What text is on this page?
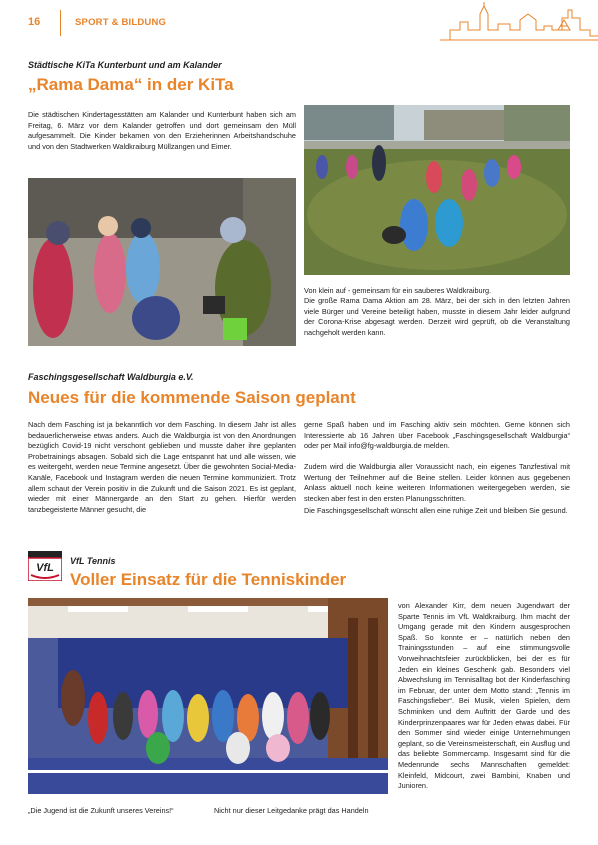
16	SPORT & BILDUNG
Städtische KiTa Kunterbunt und am Kalander
„Rama Dama“ in der KiTa
Die städtischen Kindertagesstätten am Kalander und Kunterbunt haben sich am Freitag, 6. März vor dem Kalander getroffen und dort gemeinsam den Müll aufgesammelt. Die Kinder bekamen von den Erzieherinnen Arbeitshandschuhe und von den Stadtwerken Waldkraiburg Müllzangen und Eimer.
Von klein auf - gemeinsam für ein sauberes Waldkraiburg.
Die große Rama Dama Aktion am 28. März, bei der sich in den letzten Jahren viele Bürger und Vereine beteiligt haben, musste in diesem Jahr leider aufgrund der Corona-Krise abgesagt werden. Derzeit wird geprüft, ob die Veranstaltung nachgeholt werden kann.
Faschingsgesellschaft Waldburgia e.V.
Neues für die kommende Saison geplant
Nach dem Fasching ist ja bekanntlich vor dem Fasching. In diesem Jahr ist alles bedauerlicherweise etwas anders. Auch die Waldburgia ist von den Anordnungen bezüglich Covid-19 nicht verschont geblieben und musste daher ihre geplanten Probetrainings absagen. Sobald sich die Lage entspannt hat und alle wissen, wie es weitergeht, werden neue Termine angesetzt. Über die gewohnten Social-Media-Kanäle, Facebook und Instagram werden die neuen Termine kommuniziert. Trotz allem schaut der Verein positiv in die Zukunft und die Saison 2021. Es ist geplant, wieder mit einer Männergarde an den Start zu gehen. Hierfür werden tanzbegeisterte Männer gesucht, die
gerne Spaß haben und im Fasching aktiv sein möchten. Gerne können sich Interessierte ab 16 Jahren über Facebook „Faschingsgesellschaft Waldburgia“ oder per Mail info@fg-waldburgia.de melden.
Zudem wird die Waldburgia aller Voraussicht nach, ein eigenes Tanzfestival mit Wertung der Teilnehmer auf die Beine stellen. Leider können aus gegebenen Anlass aktuell noch keine weiteren Informationen weitergegeben werden, sie stecken aber fest in den ersten Planungsschritten.
Die Faschingsgesellschaft wünscht allen eine ruhige Zeit und bleiben Sie gesund.
VfL
VfL Tennis
Voller Einsatz für die Tenniskinder
„Die Jugend ist die Zukunft unseres Vereins!“	Nicht nur dieser Leitgedanke prägt das Handeln
von Alexander Kirr, dem neuen Jugendwart der Sparte Tennis im VfL Waldkraiburg. Ihm macht der Umgang gerade mit den Kindern ausgesprochen Spaß. So konnte er – natürlich neben den Trainingsstunden – auf eine stimmungsvolle Vorweihnachtsfeier zurückblicken, bei der es für Jeden ein kleines Geschenk gab. Besonders viel Abwechslung im Tennisalltag bot der Kinderfasching im Februar, der unter dem Motto stand: „Tennis im Faschingsfieber“. Bei Musik, vielen Spielen, dem Schminken und dem Auftritt der Garde und des Kinderprinzenpaares war für Jeden etwas dabei. Für den Sommer sind wieder einige Unternehmungen geplant, so die Vereinsmeisterschaft, ein Ausflug und das beliebte Sommercamp. Insgesamt sind für die Medenrunde sechs Mannschaften gemeldet: Kleinfeld, Midcourt, zwei Bambini, Knaben und Junioren.
